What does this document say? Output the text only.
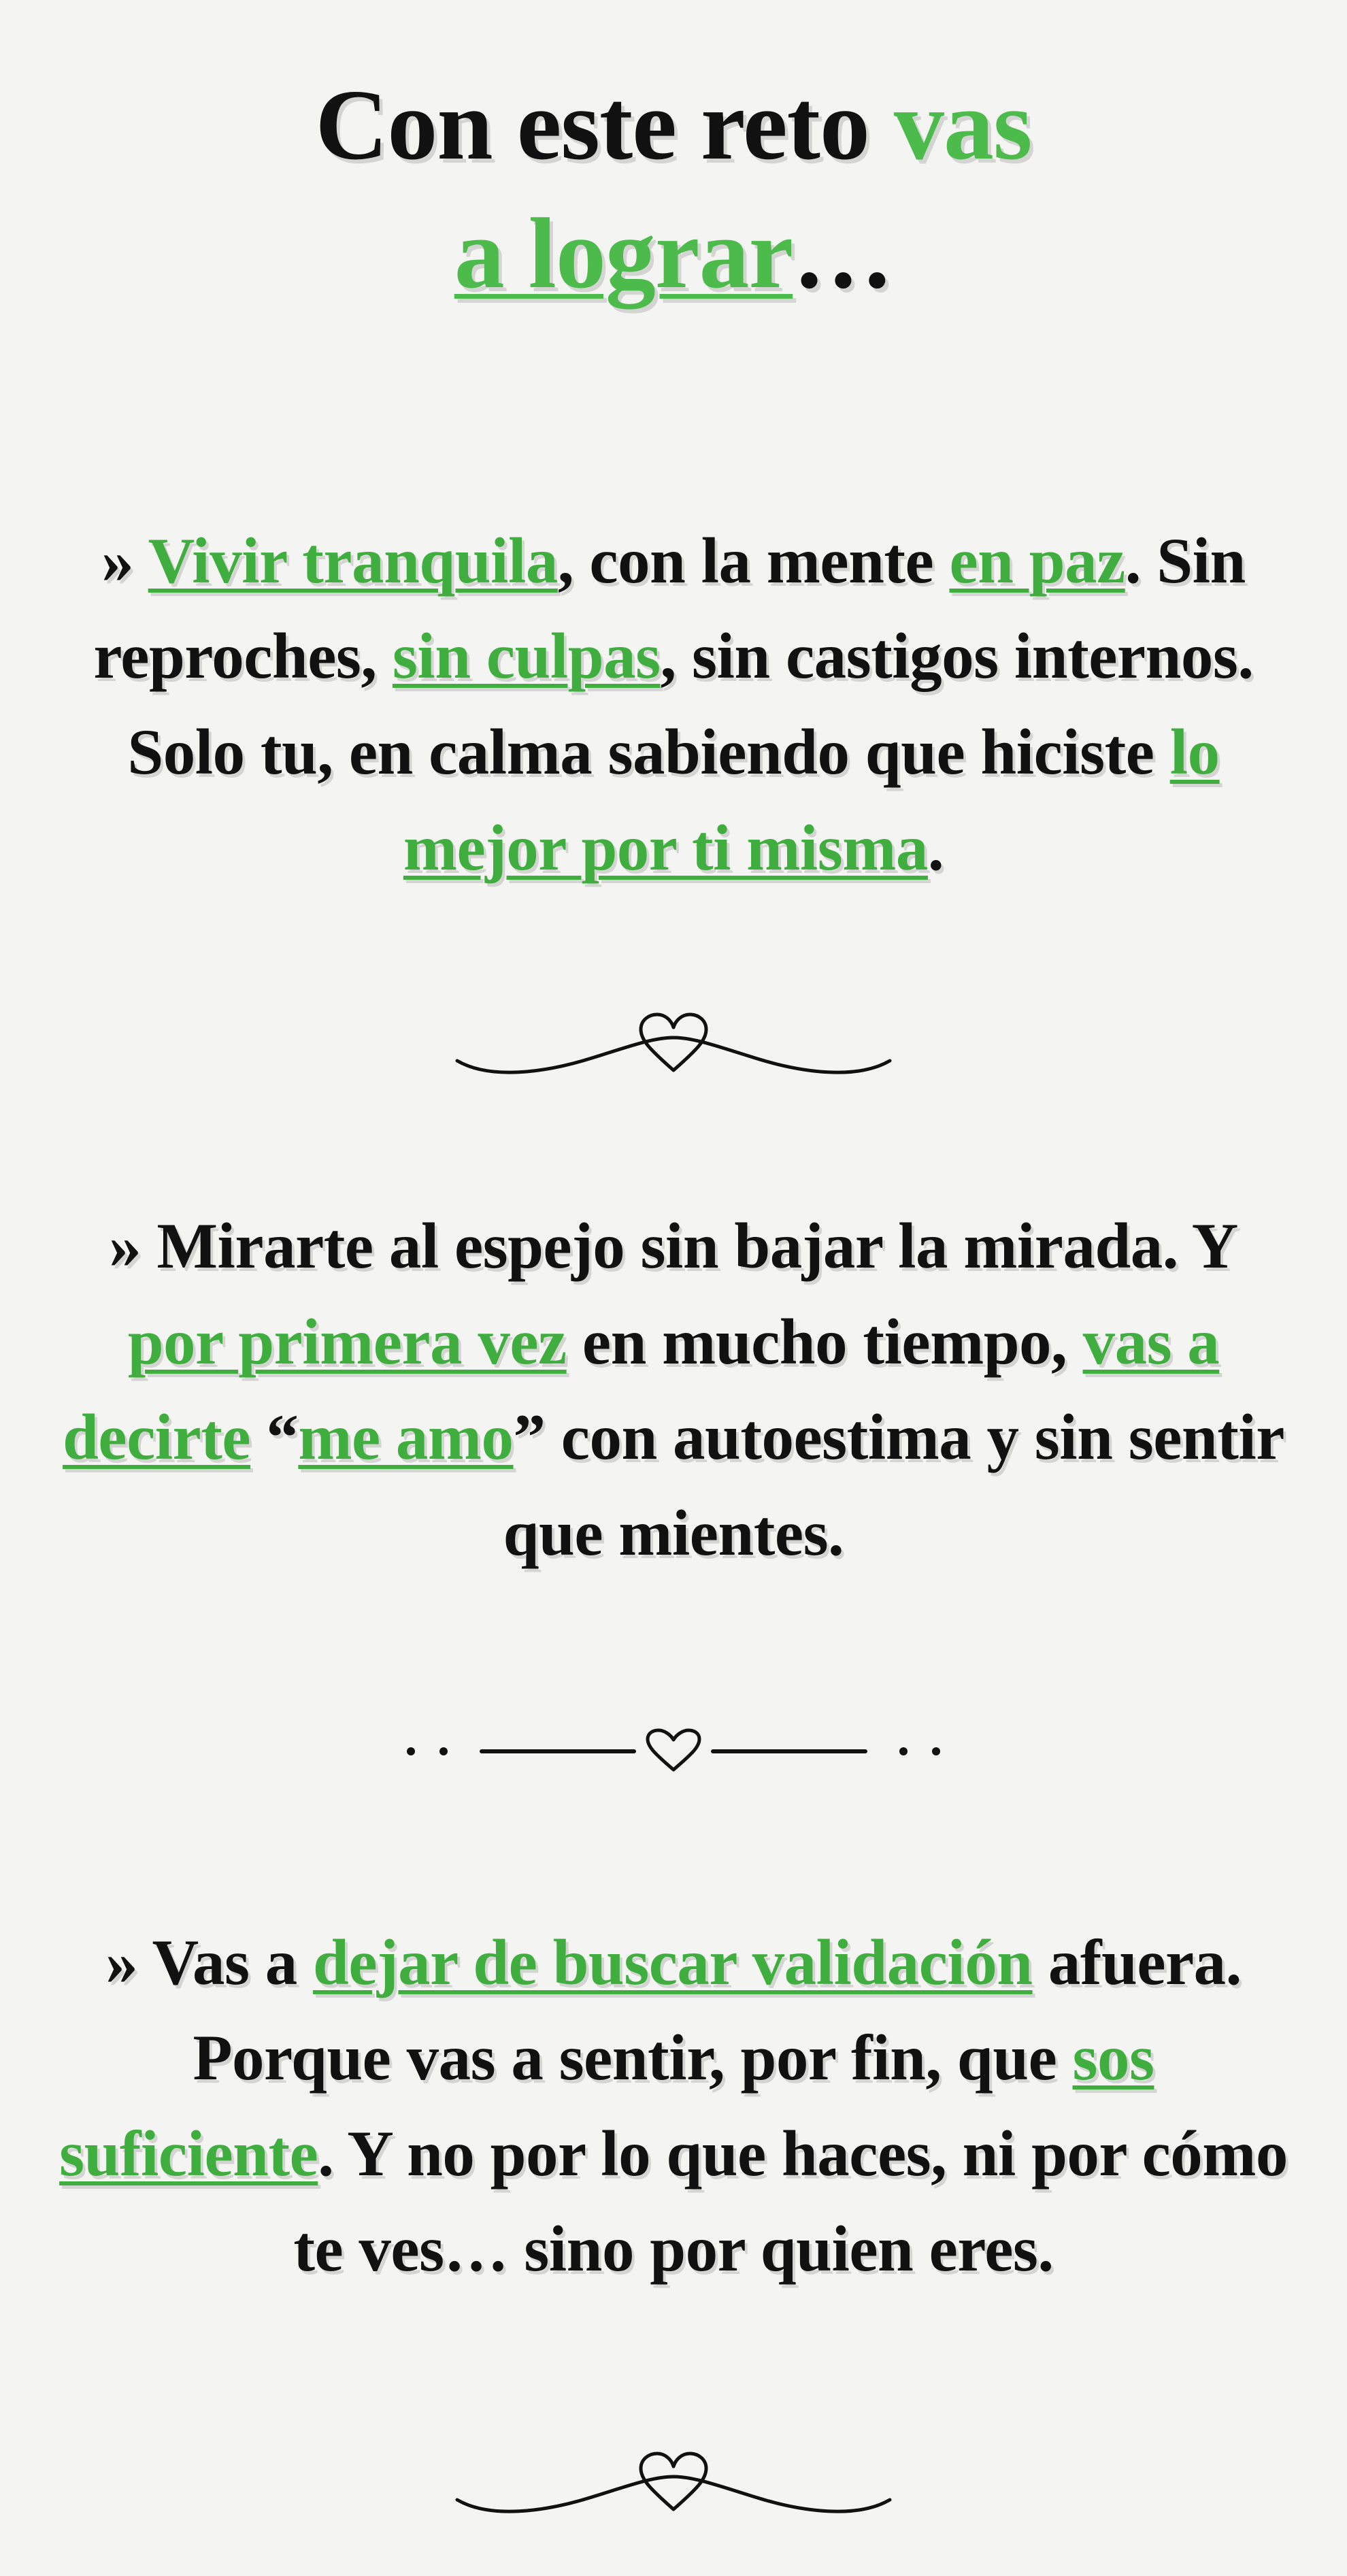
Con este reto vas
a lograr…

» Vivir tranquila, con la mente en paz. Sin reproches, sin culpas, sin castigos internos. Solo tu, en calma sabiendo que hiciste lo mejor por ti misma.

» Mirarte al espejo sin bajar la mirada. Y por primera vez en mucho tiempo, vas a decirte “me amo” con autoestima y sin sentir que mientes.

» Vas a dejar de buscar validación afuera. Porque vas a sentir, por fin, que sos suficiente. Y no por lo que haces, ni por cómo te ves… sino por quien eres.
